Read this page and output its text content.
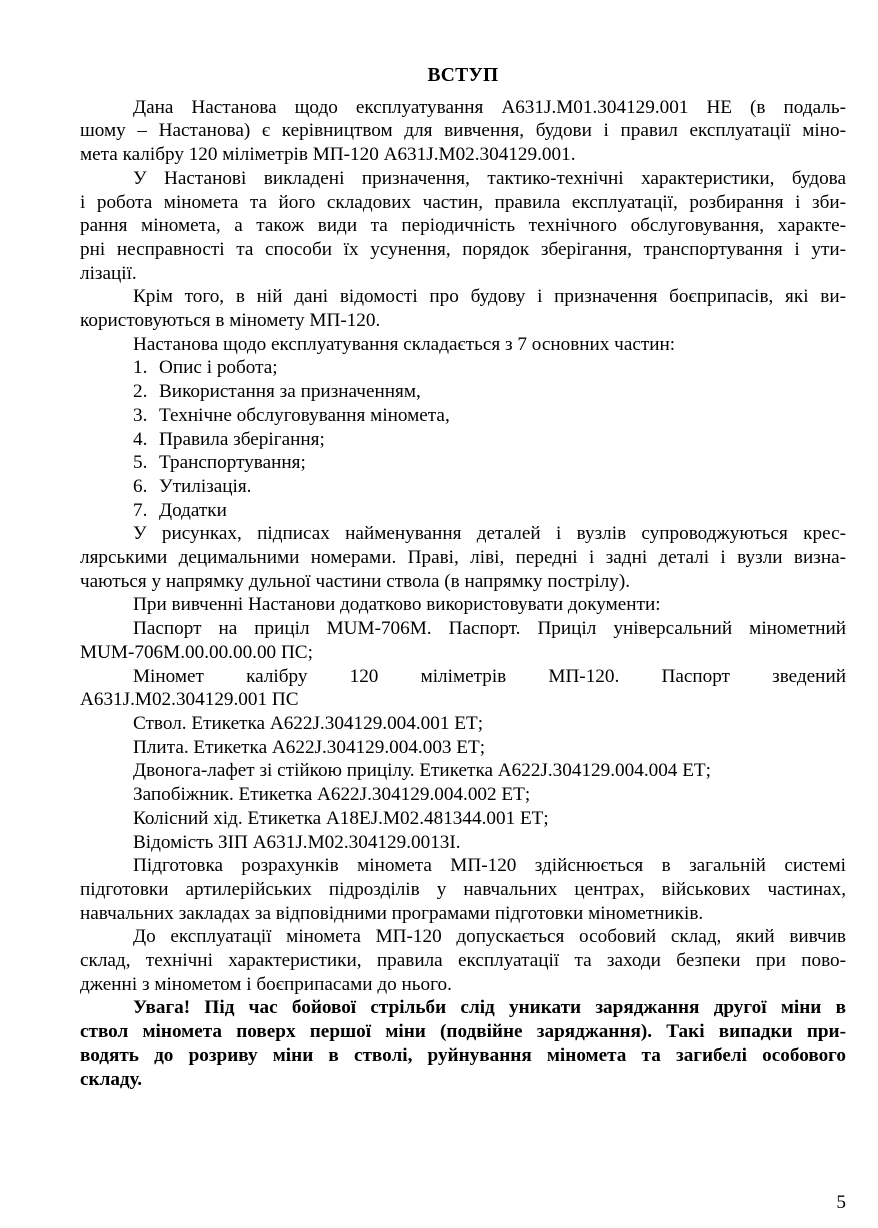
ВСТУП
Дана Настанова щодо експлуатування А631J.М01.304129.001 НЕ (в подаль-
шому – Настанова) є керівництвом для вивчення, будови і правил експлуатації міно-
мета калібру 120 міліметрів МП-120 А631J.М02.304129.001.
У Настанові викладені призначення, тактико-технічні характеристики, будова
і робота мінометa та його складових частин, правила експлуатації, розбирання і зби-
рання міномета, а також види та періодичність технічного обслуговування, характе-
рні несправності та способи їх усунення, порядок зберігання, транспортування і ути-
лізації.
Крім того, в ній дані відомості про будову і призначення боєприпасів, які ви-
користовуються в міномету МП-120.
Настанова щодо експлуатування складається з 7 основних частин:
1. Опис і робота;
2. Використання за призначенням,
3. Технічне обслуговування міномета,
4. Правила зберігання;
5. Транспортування;
6. Утилізація.
7. Додатки
У рисунках, підписах найменування деталей і вузлів супроводжуються крес-
лярськими децимальними номерами. Праві, ліві, передні і задні деталі і вузли визна-
чаються у напрямку дульної частини ствола (в напрямку пострілу).
При вивченні Настанови додатково використовувати документи:
Паспорт на приціл MUM-706M. Паспорт. Приціл універсальний мінометний
MUM-706M.00.00.00.00 ПС;
Міномет калібру 120 міліметрів МП-120. Паспорт зведений
А631J.М02.304129.001 ПС
Ствол. Етикетка А622J.304129.004.001 ЕТ;
Плита. Етикетка А622J.304129.004.003 ЕТ;
Двонога-лафет зі стійкою прицілу. Етикетка А622J.304129.004.004 ЕТ;
Запобіжник. Етикетка А622J.304129.004.002 ЕТ;
Колісний хід. Етикетка А18ЕJ.М02.481344.001 ЕТ;
Відомість ЗІП А631J.М02.304129.0013І.
Підготовка розрахунків міномета МП-120 здійснюється в загальній системі
підготовки артилерійських підрозділів у навчальних центрах, військових частинах,
навчальних закладах за відповідними програмами підготовки мінометників.
До експлуатації міномета МП-120 допускається особовий склад, який вивчив
склад, технічні характеристики, правила експлуатації та заходи безпеки при пово-
дженні з мінометом і боєприпасами до нього.
Увага! Під час бойової стрільби слід уникати заряджання другої міни в
ствол міномета поверх першої міни (подвійне заряджання). Такі випадки при-
водять до розриву міни в стволі, руйнування міномета та загибелі особового
складу.
5
